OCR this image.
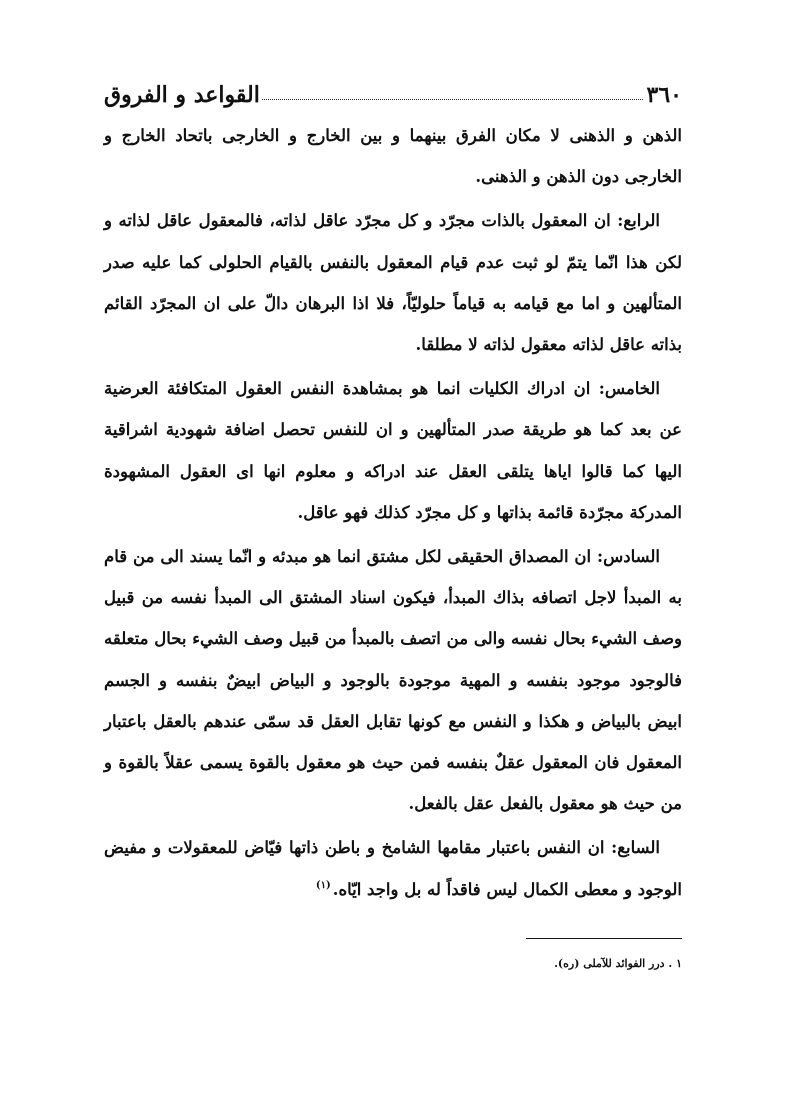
٣٦٠
القواعد و الفروق

الذهن و الذهنى لا مكان الفرق بينهما و بين الخارج و الخارجى باتحاد الخارج و الخارجى دون الذهن و الذهنى.

الرابع: ان المعقول بالذات مجرّد و كل مجرّد عاقل لذاته، فالمعقول عاقل لذاته و لكن هذا انّما يتمّ لو ثبت عدم قيام المعقول بالنفس بالقيام الحلولى كما عليه صدر المتألهين و اما مع قيامه به قياماً حلوليّاً، فلا اذا البرهان دالّ على ان المجرّد القائم بذاته عاقل لذاته معقول لذاته لا مطلقا.

الخامس: ان ادراك الكليات انما هو بمشاهدة النفس العقول المتكافئة العرضية عن بعد كما هو طريقة صدر المتألهين و ان للنفس تحصل اضافة شهودية اشراقية اليها كما قالوا اياها يتلقى العقل عند ادراكه و معلوم انها اى العقول المشهودة المدركة مجرّدة قائمة بذاتها و كل مجرّد كذلك فهو عاقل.

السادس: ان المصداق الحقيقى لكل مشتق انما هو مبدئه و انّما يسند الى من قام به المبدأ لاجل اتصافه بذاك المبدأ، فيكون اسناد المشتق الى المبدأ نفسه من قبيل وصف الشيء بحال نفسه والى من اتصف بالمبدأ من قبيل وصف الشيء بحال متعلقه فالوجود موجود بنفسه و المهية موجودة بالوجود و البياض ابيضٌ بنفسه و الجسم ابيض بالبياض و هكذا و النفس مع كونها تقابل العقل قد سمّى عندهم بالعقل باعتبار المعقول فان المعقول عقلٌ بنفسه فمن حيث هو معقول بالقوة يسمى عقلاً بالقوة و من حيث هو معقول بالفعل عقل بالفعل.

السابع: ان النفس باعتبار مقامها الشامخ و باطن ذاتها فيّاض للمعقولات و مفيض الوجود و معطى الكمال ليس فاقداً له بل واجد ايّاه.$^{(١)}$

١ . درر الفوائد للآملى (ره).
